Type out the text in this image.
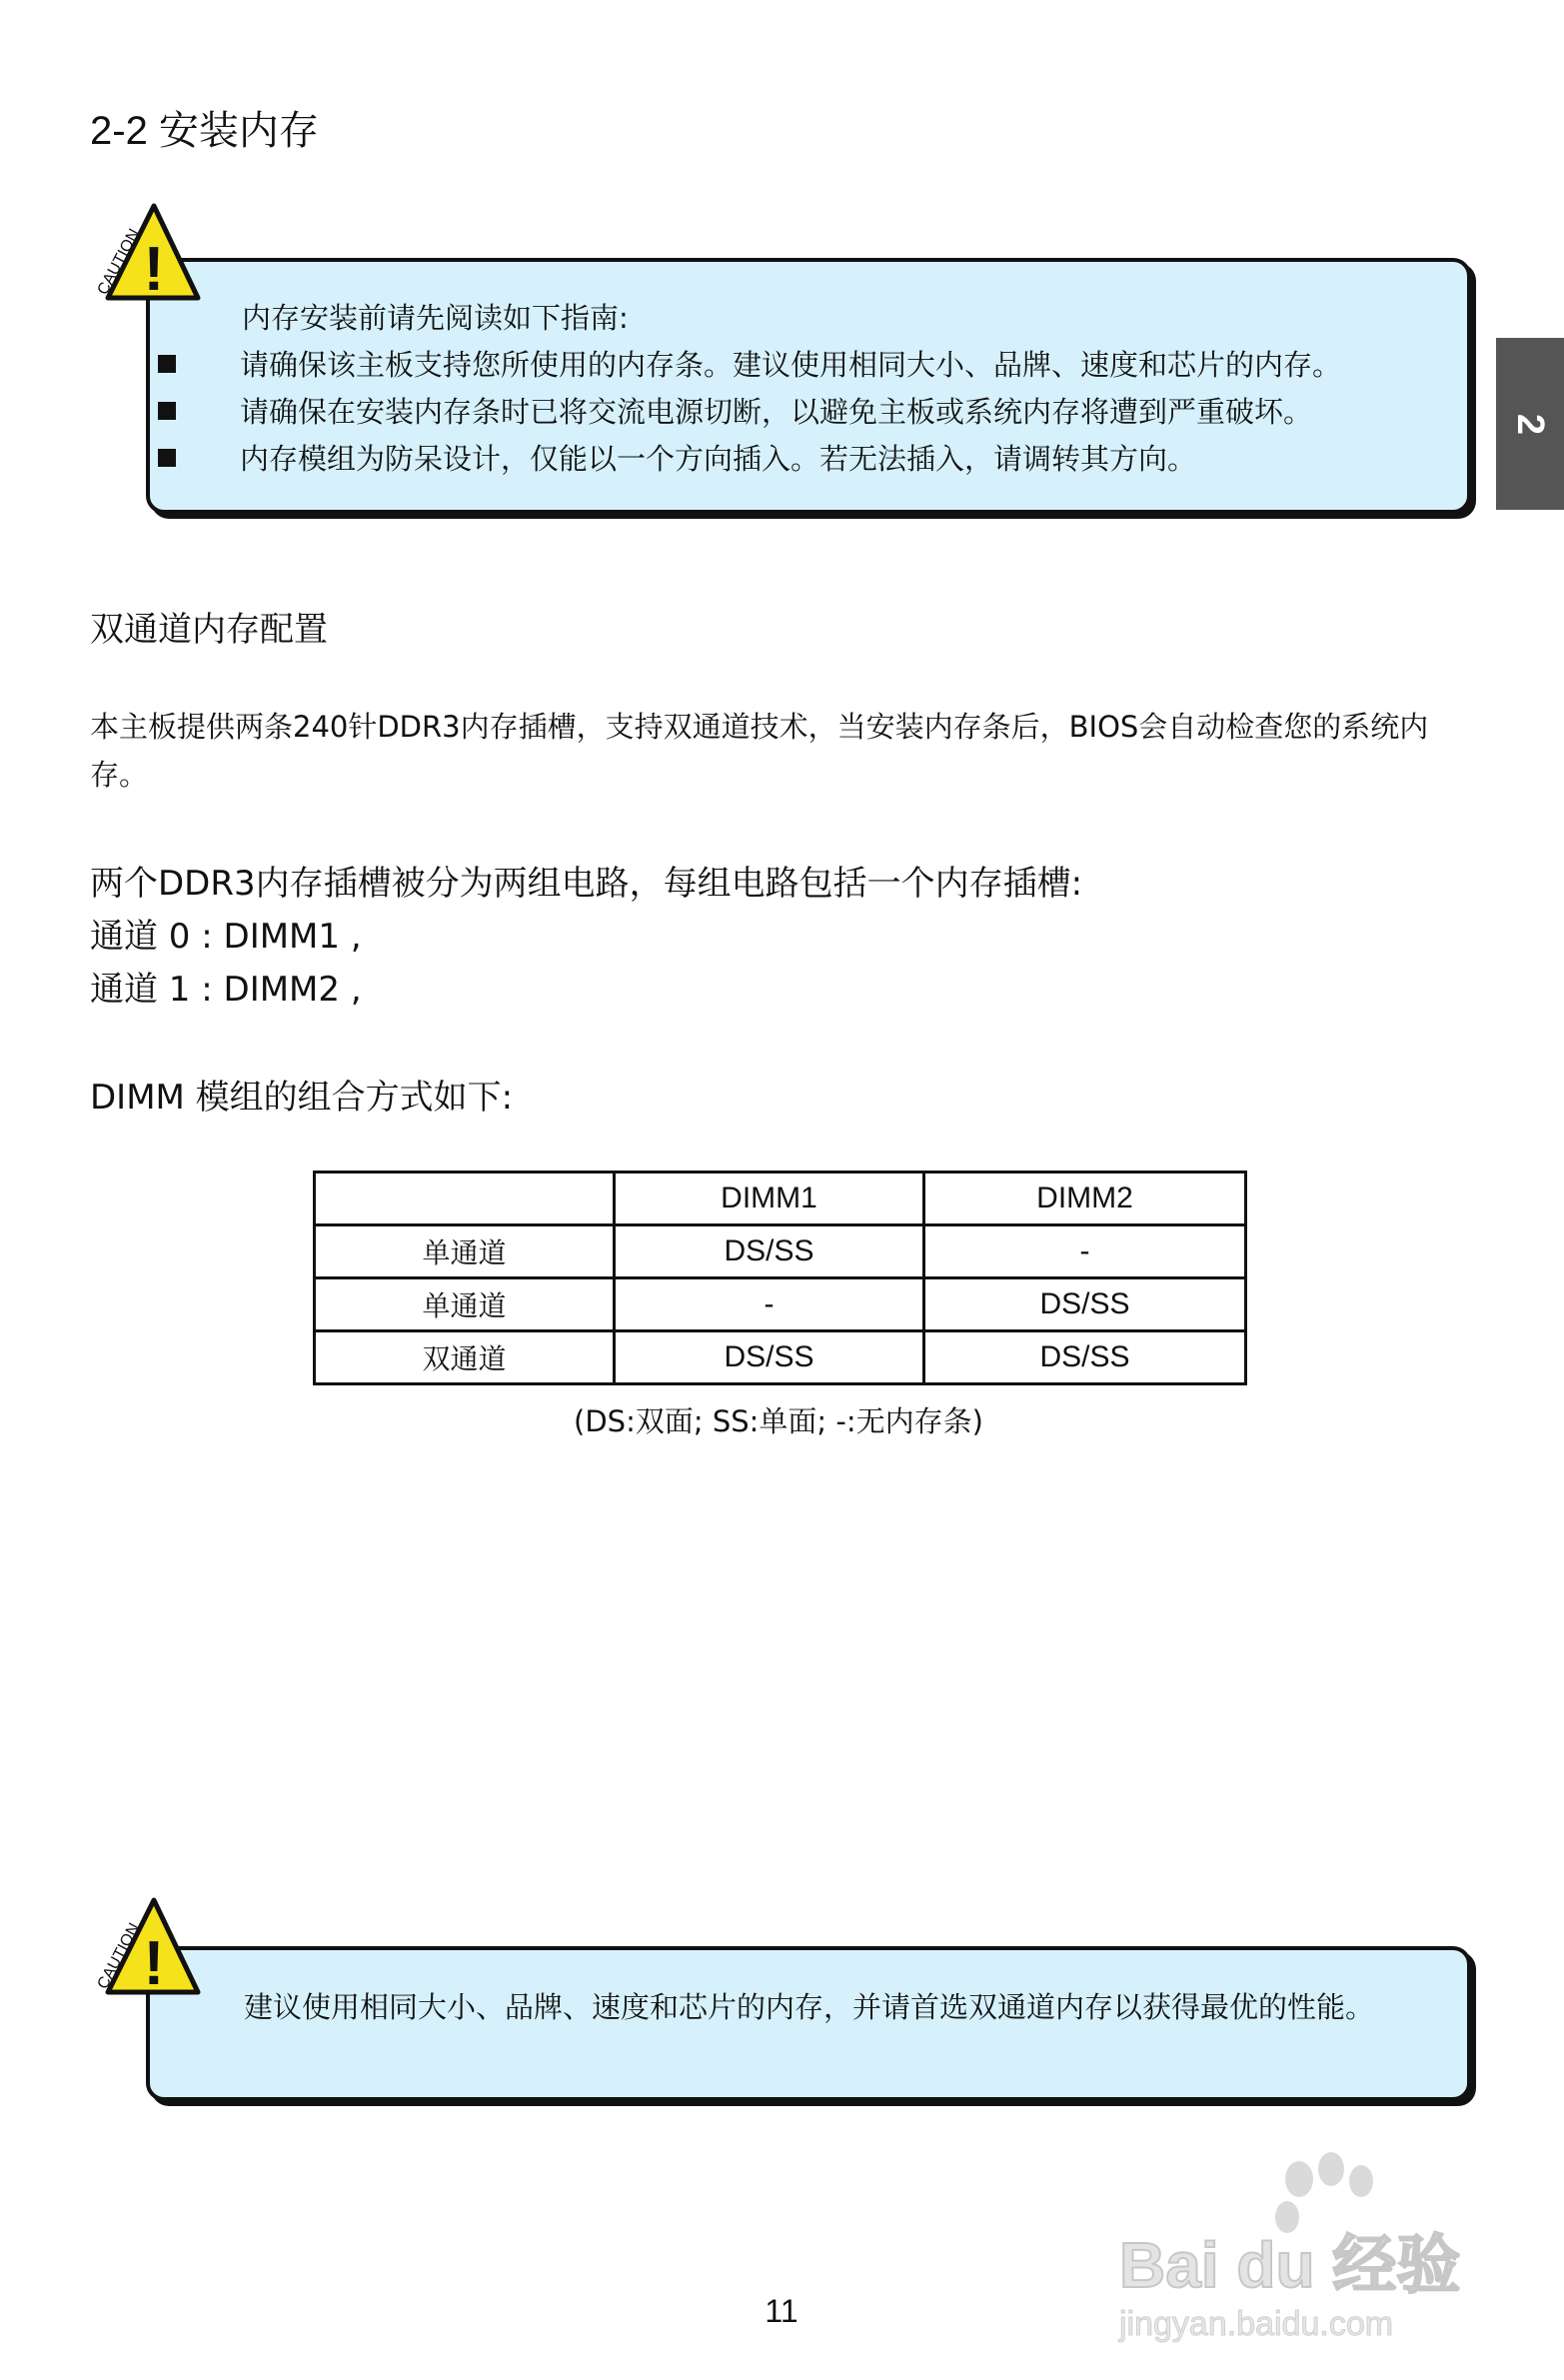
2-2 安装内存
2
!
CAUTION
内存安装前请先阅读如下指南:
请确保该主板支持您所使用的内存条。建议使用相同大小、品牌、速度和芯片的内存。
请确保在安装内存条时已将交流电源切断，以避免主板或系统内存将遭到严重破坏。
内存模组为防呆设计，仅能以一个方向插入。若无法插入，请调转其方向。
双通道内存配置
本主板提供两条240针DDR3内存插槽，支持双通道技术，当安装内存条后，BIOS会自动检查您的系统内存。
两个DDR3内存插槽被分为两组电路，每组电路包括一个内存插槽:
通道 0 : DIMM1 ,
通道 1 : DIMM2 ,
DIMM 模组的组合方式如下:
	DIMM1	DIMM2
单通道	DS/SS	-
单通道	-	DS/SS
双通道	DS/SS	DS/SS
(DS:双面; SS:单面; -:无内存条)
!
CAUTION
建议使用相同大小、品牌、速度和芯片的内存，并请首选双通道内存以获得最优的性能。
Bai du 经验
jingyan.baidu.com
11
